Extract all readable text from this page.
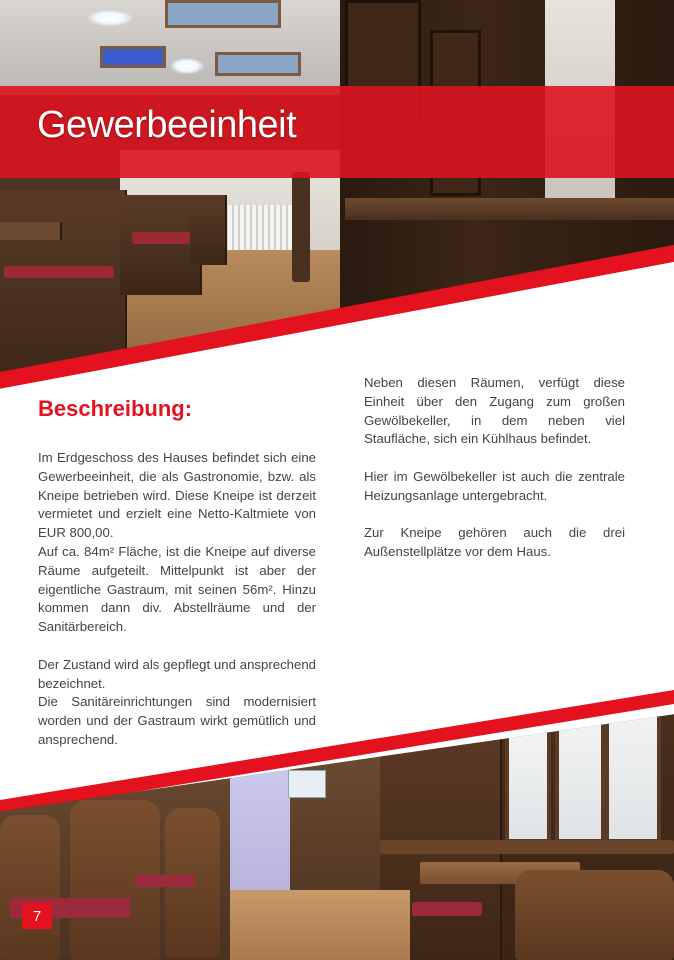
Gewerbeeinheit
Beschreibung:

Im Erdgeschoss des Hauses befindet sich eine Gewerbeeinheit, die als Gastronomie, bzw. als Kneipe betrieben wird. Diese Kneipe ist derzeit vermietet und erzielt eine Netto-Kaltmiete von EUR 800,00.

Auf ca. 84m² Fläche, ist die Kneipe auf diverse Räume aufgeteilt. Mittelpunkt ist aber der eigentliche Gastraum, mit seinen 56m². Hinzu kommen dann div. Abstellräume und der Sanitärbereich.

Der Zustand wird als gepflegt und ansprechend bezeichnet.

Die Sanitäreinrichtungen sind modernisiert worden und der Gastraum wirkt gemütlich und ansprechend.

Neben diesen Räumen, verfügt diese Einheit über den Zugang zum großen Gewölbekeller, in dem neben viel Staufläche, sich ein Kühlhaus befindet.

Hier im Gewölbekeller ist auch die zentrale Heizungsanlage untergebracht.

Zur Kneipe gehören auch die drei Außenstellplätze vor dem Haus.

7
